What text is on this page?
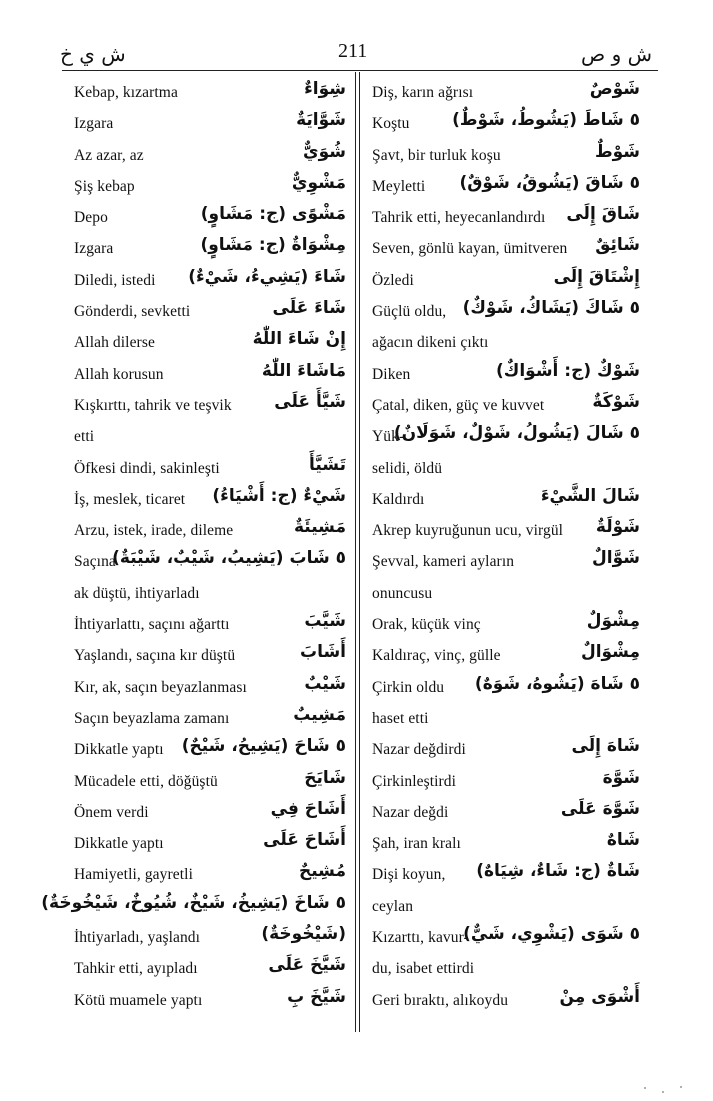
ش ي خ	211	ش و ص
Kebap, kızartma	شِوَاءٌ
Izgara	شَوَّايَةٌ
Az azar, az	شُوَيٌّ
Şiş kebap	مَشْوِيٌّ
Depo	مَشْوًى (ج: مَشَاوٍ)
Izgara	مِشْوَاةٌ (ج: مَشَاوٍ)
Diledi, istedi شَاءَ (يَشِيءُ، شَيْءٌ)
Gönderdi, sevketti	شَاءَ عَلَى
Allah dilerse	إِنْ شَاءَ اللّٰهُ
Allah korusun	مَاشَاءَ اللّٰهُ
Kışkırttı, tahrik ve teşvik	شَيَّأَ عَلَى
etti
Öfkesi dindi, sakinleşti	تَشَيَّأَ
İş, meslek, ticaret شَيْءٌ (ج: أَشْيَاءُ)
Arzu, istek, irade, dileme	مَشِيئَةٌ
Saçına
٥ شَابَ (يَشِيبُ، شَيْبٌ، شَيْبَةٌ)
ak düştü, ihtiyarladı
İhtiyarlattı, saçını ağarttı	شَيَّبَ
Yaşlandı, saçına kır düştü	أَشَابَ
Kır, ak, saçın beyazlanması	شَيْبٌ
Saçın beyazlama zamanı	مَشِيبٌ
Dikkatle yaptı ٥ شَاحَ (يَشِيحُ، شَيْحٌ)
Mücadele etti, döğüştü	شَايَحَ
Önem verdi	أَشَاحَ فِي
Dikkatle yaptı	أَشَاحَ عَلَى
Hamiyetli, gayretli	مُشِيحٌ
٥ شَاخَ (يَشِيخُ، شَيْخٌ، شُيُوخٌ، شَيْخُوخَةٌ)
İhtiyarladı, yaşlandı	(شَيْخُوخَةٌ)
Tahkir etti, ayıpladı	شَيَّخَ عَلَى
Kötü muamele yaptı	شَيَّخَ بِ
Diş, karın ağrısı	شَوْصٌ
Koştu	٥ شَاطَ (يَشُوطُ، شَوْطٌ)
Şavt, bir turluk koşu	شَوْطٌ
Meyletti ٥ شَاقَ (يَشُوقُ، شَوْقٌ)
Tahrik etti, heyecanlandırdı شَاقَ إِلَى
Seven, gönlü kayan, ümitveren شَائِقٌ
Özledi	إِشْتَاقَ إِلَى
Güçlü oldu, ٥ شَاكَ (يَشَاكُ، شَوْكٌ)
ağacın dikeni çıktı
Diken	شَوْكٌ (ج: أَشْوَاكٌ)
Çatal, diken, güç ve kuvvet	شَوْكَةٌ
Yük-
٥ شَالَ (يَشُولُ، شَوْلٌ، شَوَلَانٌ)
selidi, öldü
Kaldırdı	شَالَ الشَّيْءَ
Akrep kuyruğunun ucu, virgül شَوْلَةٌ
Şevval, kameri ayların	شَوَّالٌ
onuncusu
Orak, küçük vinç	مِشْوَلٌ
Kaldıraç, vinç, gülle	مِشْوَالٌ
Çirkin oldu ٥ شَاهَ (يَشُوهُ، شَوَهٌ)
haset etti
Nazar değdirdi	شَاهَ إِلَى
Çirkinleştirdi	شَوَّهَ
Nazar değdi	شَوَّهَ عَلَى
Şah, iran kralı	شَاهٌ
Dişi koyun, شَاةٌ (ج: شَاءٌ، شِيَاهٌ)
ceylan
Kızarttı, kavur-
٥ شَوَى (يَشْوِي، شَيٌّ)
du, isabet ettirdi
Geri bıraktı, alıkoydu	أَشْوَى مِنْ
